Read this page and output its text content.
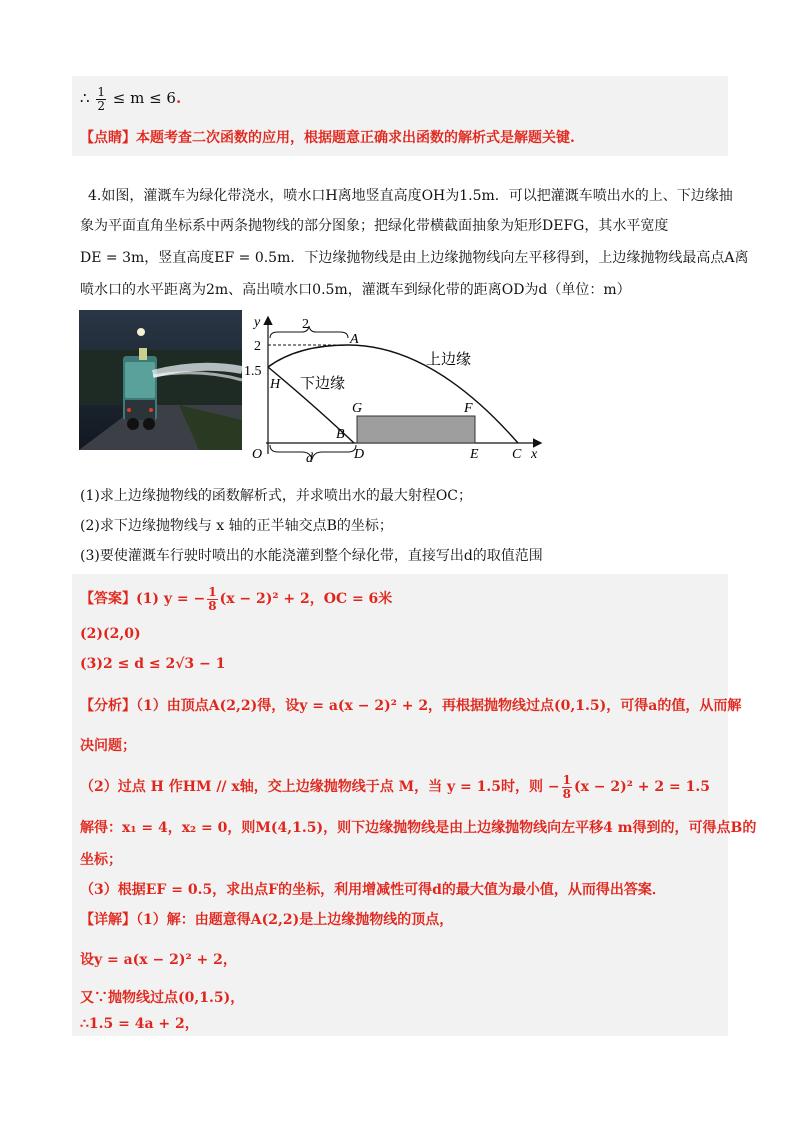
∴ $\frac{1}{2} \le m \le 6$.
【点睛】本题考查二次函数的应用，根据题意正确求出函数的解析式是解题关键.
4.如图，灌溉车为绿化带浇水，喷水口H离地竖直高度OH为1.5m．可以把灌溉车喷出水的上、下边缘抽
象为平面直角坐标系中两条抛物线的部分图象；把绿化带横截面抽象为矩形DEFG，其水平宽度
DE = 3m，竖直高度EF = 0.5m．下边缘抛物线是由上边缘抛物线向左平移得到，上边缘抛物线最高点A离
喷水口的水平距离为2m、高出喷水口0.5m，灌溉车到绿化带的距离OD为d（单位：m）
y
x
2
2
1.5
A
H
O
B
D
G	F
E C
d
上边缘
下边缘
(1)求上边缘抛物线的函数解析式，并求喷出水的最大射程OC；
(2)求下边缘抛物线与 x 轴的正半轴交点B的坐标；
(3)要使灌溉车行驶时喷出的水能浇灌到整个绿化带，直接写出d的取值范围
【答案】(1) y = − $\frac{1}{8} (x - 2)^2 + 2$，OC = 6米
(2)(2,0)
(3)2 ≤ d ≤ 2√3 − 1
【分析】（1）由顶点A(2,2)得，设y = a(x − 2)² + 2，再根据抛物线过点(0,1.5)，可得a的值，从而解
决问题；
（2）过点 H 作HM // x轴，交上边缘抛物线于点 M，当 y = 1.5时，则 − $\frac{1}{8} (x - 2)^2 + 2 = 1.5$
解得：x₁ = 4，x₂ = 0，则M(4,1.5)，则下边缘抛物线是由上边缘抛物线向左平移4 m得到的，可得点B的
坐标；
（3）根据EF = 0.5，求出点F的坐标，利用增减性可得d的最大值为最小值，从而得出答案．
【详解】（1）解：由题意得A(2,2)是上边缘抛物线的顶点，
设y = a(x − 2)² + 2，
又∵抛物线过点(0,1.5)，
∴1.5 = 4a + 2，
